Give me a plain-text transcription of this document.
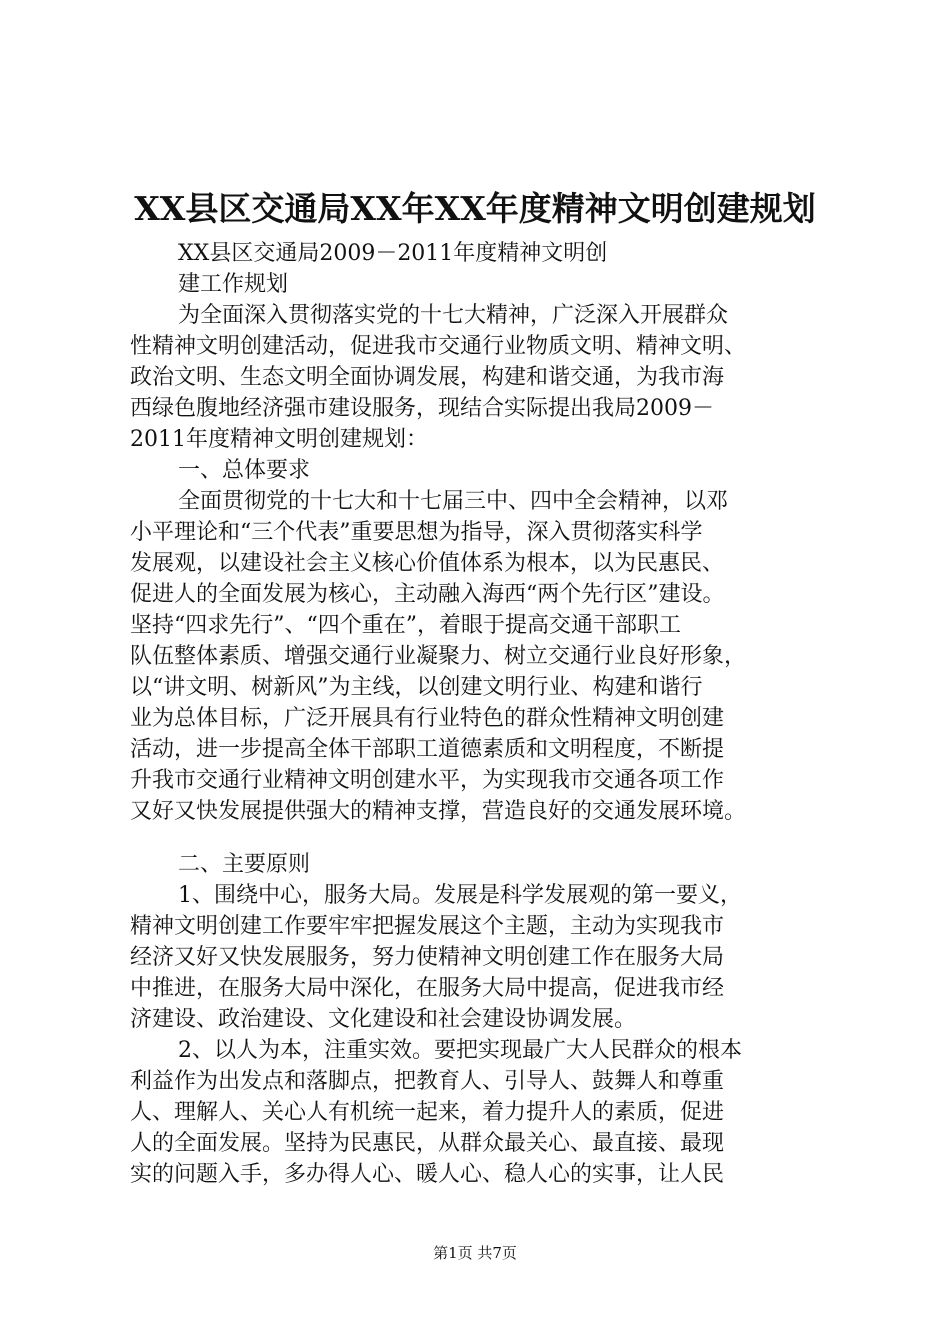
XX县区交通局XX年XX年度精神文明创建规划
XX县区交通局2009－2011年度精神文明创
建工作规划
为全面深入贯彻落实党的十七大精神，广泛深入开展群众
性精神文明创建活动，促进我市交通行业物质文明、精神文明、
政治文明、生态文明全面协调发展，构建和谐交通，为我市海
西绿色腹地经济强市建设服务，现结合实际提出我局2009－
2011年度精神文明创建规划：
一、总体要求
全面贯彻党的十七大和十七届三中、四中全会精神，以邓
小平理论和“三个代表”重要思想为指导，深入贯彻落实科学
发展观，以建设社会主义核心价值体系为根本，以为民惠民、
促进人的全面发展为核心，主动融入海西“两个先行区”建设。
坚持“四求先行”、“四个重在”，着眼于提高交通干部职工
队伍整体素质、增强交通行业凝聚力、树立交通行业良好形象，
以“讲文明、树新风”为主线，以创建文明行业、构建和谐行
业为总体目标，广泛开展具有行业特色的群众性精神文明创建
活动，进一步提高全体干部职工道德素质和文明程度，不断提
升我市交通行业精神文明创建水平，为实现我市交通各项工作
又好又快发展提供强大的精神支撑，营造良好的交通发展环境。
二、主要原则
1、围绕中心，服务大局。发展是科学发展观的第一要义，
精神文明创建工作要牢牢把握发展这个主题，主动为实现我市
经济又好又快发展服务，努力使精神文明创建工作在服务大局
中推进，在服务大局中深化，在服务大局中提高，促进我市经
济建设、政治建设、文化建设和社会建设协调发展。
2、以人为本，注重实效。要把实现最广大人民群众的根本
利益作为出发点和落脚点，把教育人、引导人、鼓舞人和尊重
人、理解人、关心人有机统一起来，着力提升人的素质，促进
人的全面发展。坚持为民惠民，从群众最关心、最直接、最现
实的问题入手，多办得人心、暖人心、稳人心的实事，让人民
第1页 共7页
